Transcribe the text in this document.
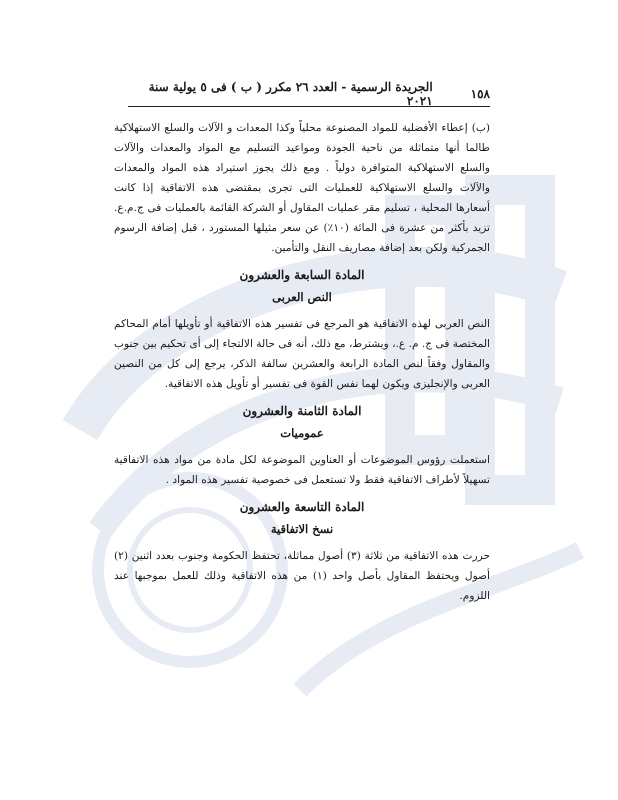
١٥٨
الجريدة الرسمية - العدد ٢٦ مكرر ( ب ) فى ٥ يولية سنة ٢٠٢١

(ب) إعطاء الأفضلية للمواد المصنوعة محلياً وكذا المعدات و الآلات والسلع الاستهلاكية طالما أنها متماثلة من ناحية الجودة ومواعيد التسليم مع المواد والمعدات والآلات والسلع الاستهلاكية المتوافرة دولياً . ومع ذلك يجوز استيراد هذه المواد والمعدات والآلات والسلع الاستهلاكية للعمليات التى تجرى بمقتضى هذه الاتفاقية إذا كانت أسعارها المحلية ، تسليم مقر عمليات المقاول أو الشركة القائمة بالعمليات فى ج.م.ع. تزيد بأكثر من عشرة فى المائة (١٠٪) عن سعر مثيلها المستورد ، قبل إضافة الرسوم الجمركية ولكن بعد إضافة مصاريف النقل والتأمين.

المادة السابعة والعشرون
النص العربى

النص العربى لهذه الاتفاقية هو المرجع فى تفسير هذه الاتفاقية أو تأويلها أمام المحاكم المختصة فى ج. م. ع.، ويشترط، مع ذلك، أنه فى حالة الالتجاء إلى أى تحكيم بين جنوب والمقاول وفقاً لنص المادة الرابعة والعشرين سالفة الذكر، يرجع إلى كل من النصين العربى والإنجليزى ويكون لهما نفس القوة فى تفسير أو تأويل هذه الاتفاقية.

المادة الثامنة والعشرون
عموميات

استعملت رؤوس الموضوعات أو العناوين الموضوعة لكل مادة من مواد هذه الاتفاقية تسهيلاً لأطراف الاتفاقية فقط ولا تستعمل فى خصوصية تفسير هذه المواد .

المادة التاسعة والعشرون
نسخ الاتفاقية

حررت هذه الاتفاقية من ثلاثة (٣) أصول مماثلة، تحتفظ الحكومة وجنوب بعدد اثنين (٢) أصول ويحتفظ المقاول بأصل واحد (١) من هذه الاتفاقية وذلك للعمل بموجبها عند اللزوم.
